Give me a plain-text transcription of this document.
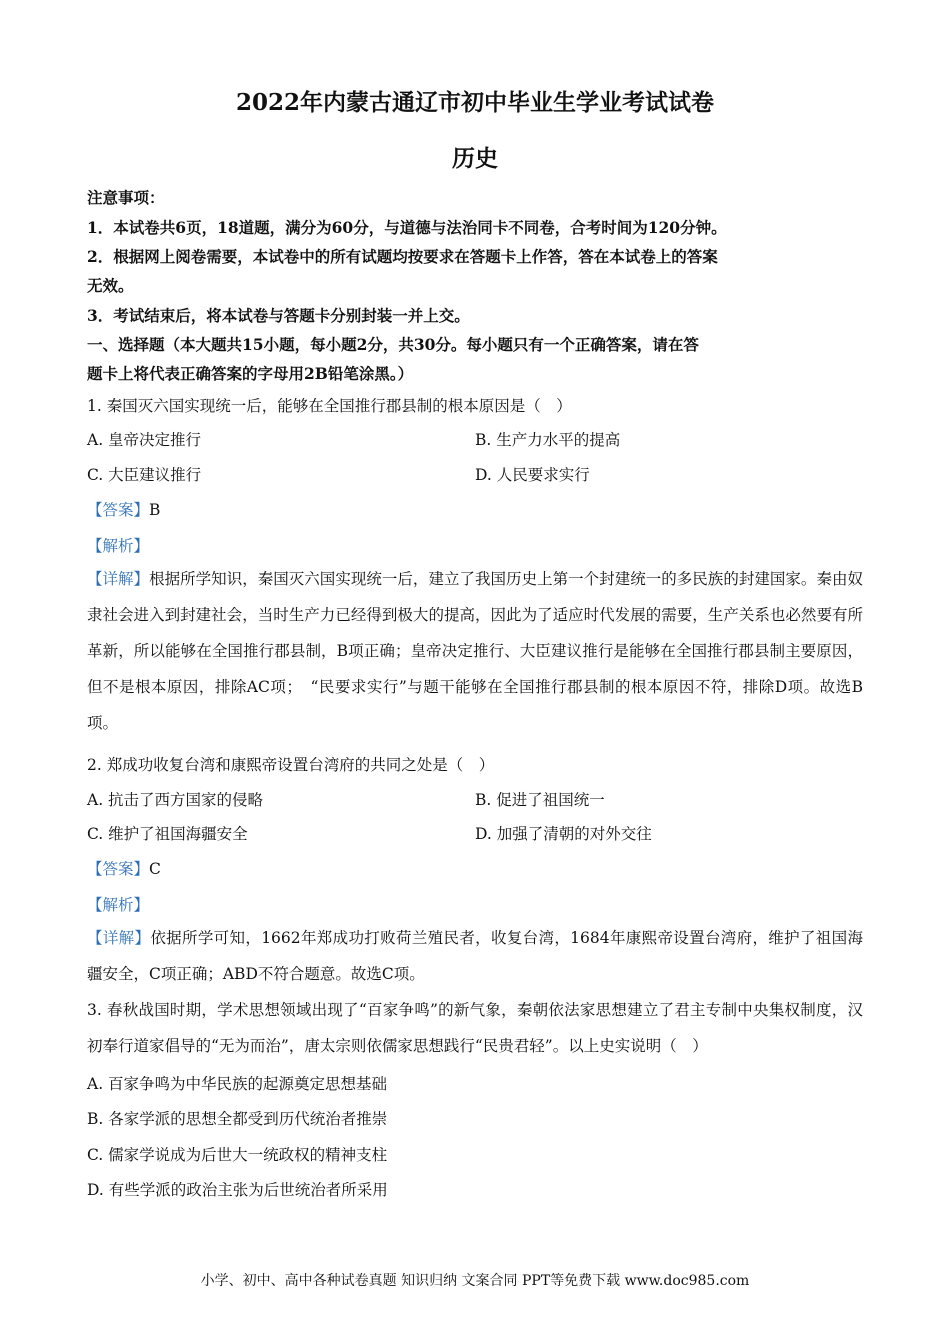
2022年内蒙古通辽市初中毕业生学业考试试卷
历史
注意事项：
1．本试卷共6页，18道题，满分为60分，与道德与法治同卡不同卷，合考时间为120分钟。
2．根据网上阅卷需要，本试卷中的所有试题均按要求在答题卡上作答，答在本试卷上的答案
无效。
3．考试结束后，将本试卷与答题卡分别封装一并上交。
一、选择题（本大题共15小题，每小题2分，共30分。每小题只有一个正确答案，请在答
题卡上将代表正确答案的字母用2B铅笔涂黑。）
1. 秦国灭六国实现统一后，能够在全国推行郡县制的根本原因是（　）
A. 皇帝决定推行	B. 生产力水平的提高
C. 大臣建议推行	D. 人民要求实行
【答案】B
【解析】
【详解】根据所学知识，秦国灭六国实现统一后，建立了我国历史上第一个封建统一的多民族的封建国家。秦由奴隶社会进入到封建社会，当时生产力已经得到极大的提高，因此为了适应时代发展的需要，生产关系也必然要有所革新，所以能够在全国推行郡县制，B项正确；皇帝决定推行、大臣建议推行是能够在全国推行郡县制主要原因，但不是根本原因，排除AC项；　“民要求实行”与题干能够在全国推行郡县制的根本原因不符，排除D项。故选B项。
2. 郑成功收复台湾和康熙帝设置台湾府的共同之处是（　）
A. 抗击了西方国家的侵略	B. 促进了祖国统一
C. 维护了祖国海疆安全	D. 加强了清朝的对外交往
【答案】C
【解析】
【详解】依据所学可知，1662年郑成功打败荷兰殖民者，收复台湾，1684年康熙帝设置台湾府，维护了祖国海疆安全，C项正确；ABD不符合题意。故选C项。
3. 春秋战国时期，学术思想领域出现了“百家争鸣”的新气象，秦朝依法家思想建立了君主专制中央集权制度，汉初奉行道家倡导的“无为而治”，唐太宗则依儒家思想践行“民贵君轻”。以上史实说明（　）
A. 百家争鸣为中华民族的起源奠定思想基础
B. 各家学派的思想全都受到历代统治者推崇
C. 儒家学说成为后世大一统政权的精神支柱
D. 有些学派的政治主张为后世统治者所采用
小学、初中、高中各种试卷真题 知识归纳 文案合同 PPT等免费下载 www.doc985.com
